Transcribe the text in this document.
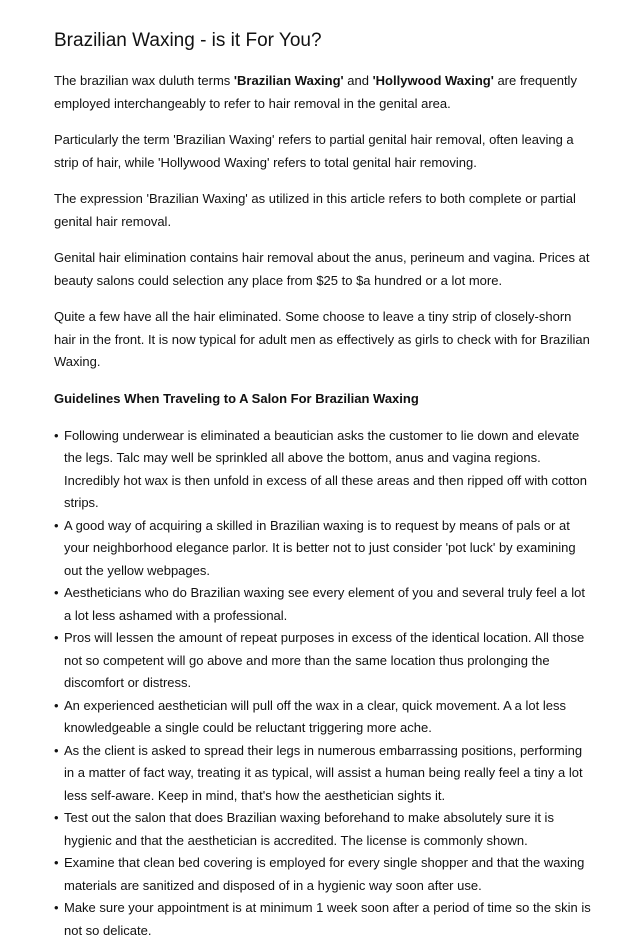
Brazilian Waxing - is it For You?

The brazilian wax duluth terms 'Brazilian Waxing' and 'Hollywood Waxing' are frequently employed interchangeably to refer to hair removal in the genital area.

Particularly the term 'Brazilian Waxing' refers to partial genital hair removal, often leaving a strip of hair, while 'Hollywood Waxing' refers to total genital hair removing.

The expression 'Brazilian Waxing' as utilized in this article refers to both complete or partial genital hair removal.

Genital hair elimination contains hair removal about the anus, perineum and vagina. Prices at beauty salons could selection any place from $25 to $a hundred or a lot more.

Quite a few have all the hair eliminated. Some choose to leave a tiny strip of closely-shorn hair in the front. It is now typical for adult men as effectively as girls to check with for Brazilian Waxing.

Guidelines When Traveling to A Salon For Brazilian Waxing
• Following underwear is eliminated a beautician asks the customer to lie down and elevate the legs. Talc may well be sprinkled all above the bottom, anus and vagina regions. Incredibly hot wax is then unfold in excess of all these areas and then ripped off with cotton strips.
• A good way of acquiring a skilled in Brazilian waxing is to request by means of pals or at your neighborhood elegance parlor. It is better not to just consider 'pot luck' by examining out the yellow webpages.
• Aestheticians who do Brazilian waxing see every element of you and several truly feel a lot a lot less ashamed with a professional.
• Pros will lessen the amount of repeat purposes in excess of the identical location. All those not so competent will go above and more than the same location thus prolonging the discomfort or distress.
• An experienced aesthetician will pull off the wax in a clear, quick movement. A a lot less knowledgeable a single could be reluctant triggering more ache.
• As the client is asked to spread their legs in numerous embarrassing positions, performing in a matter of fact way, treating it as typical, will assist a human being really feel a tiny a lot less self-aware. Keep in mind, that's how the aesthetician sights it.
• Test out the salon that does Brazilian waxing beforehand to make absolutely sure it is hygienic and that the aesthetician is accredited. The license is commonly shown.
• Examine that clean bed covering is employed for every single shopper and that the waxing materials are sanitized and disposed of in a hygienic way soon after use.
• Make sure your appointment is at minimum 1 week soon after a period of time so the skin is not so delicate.
